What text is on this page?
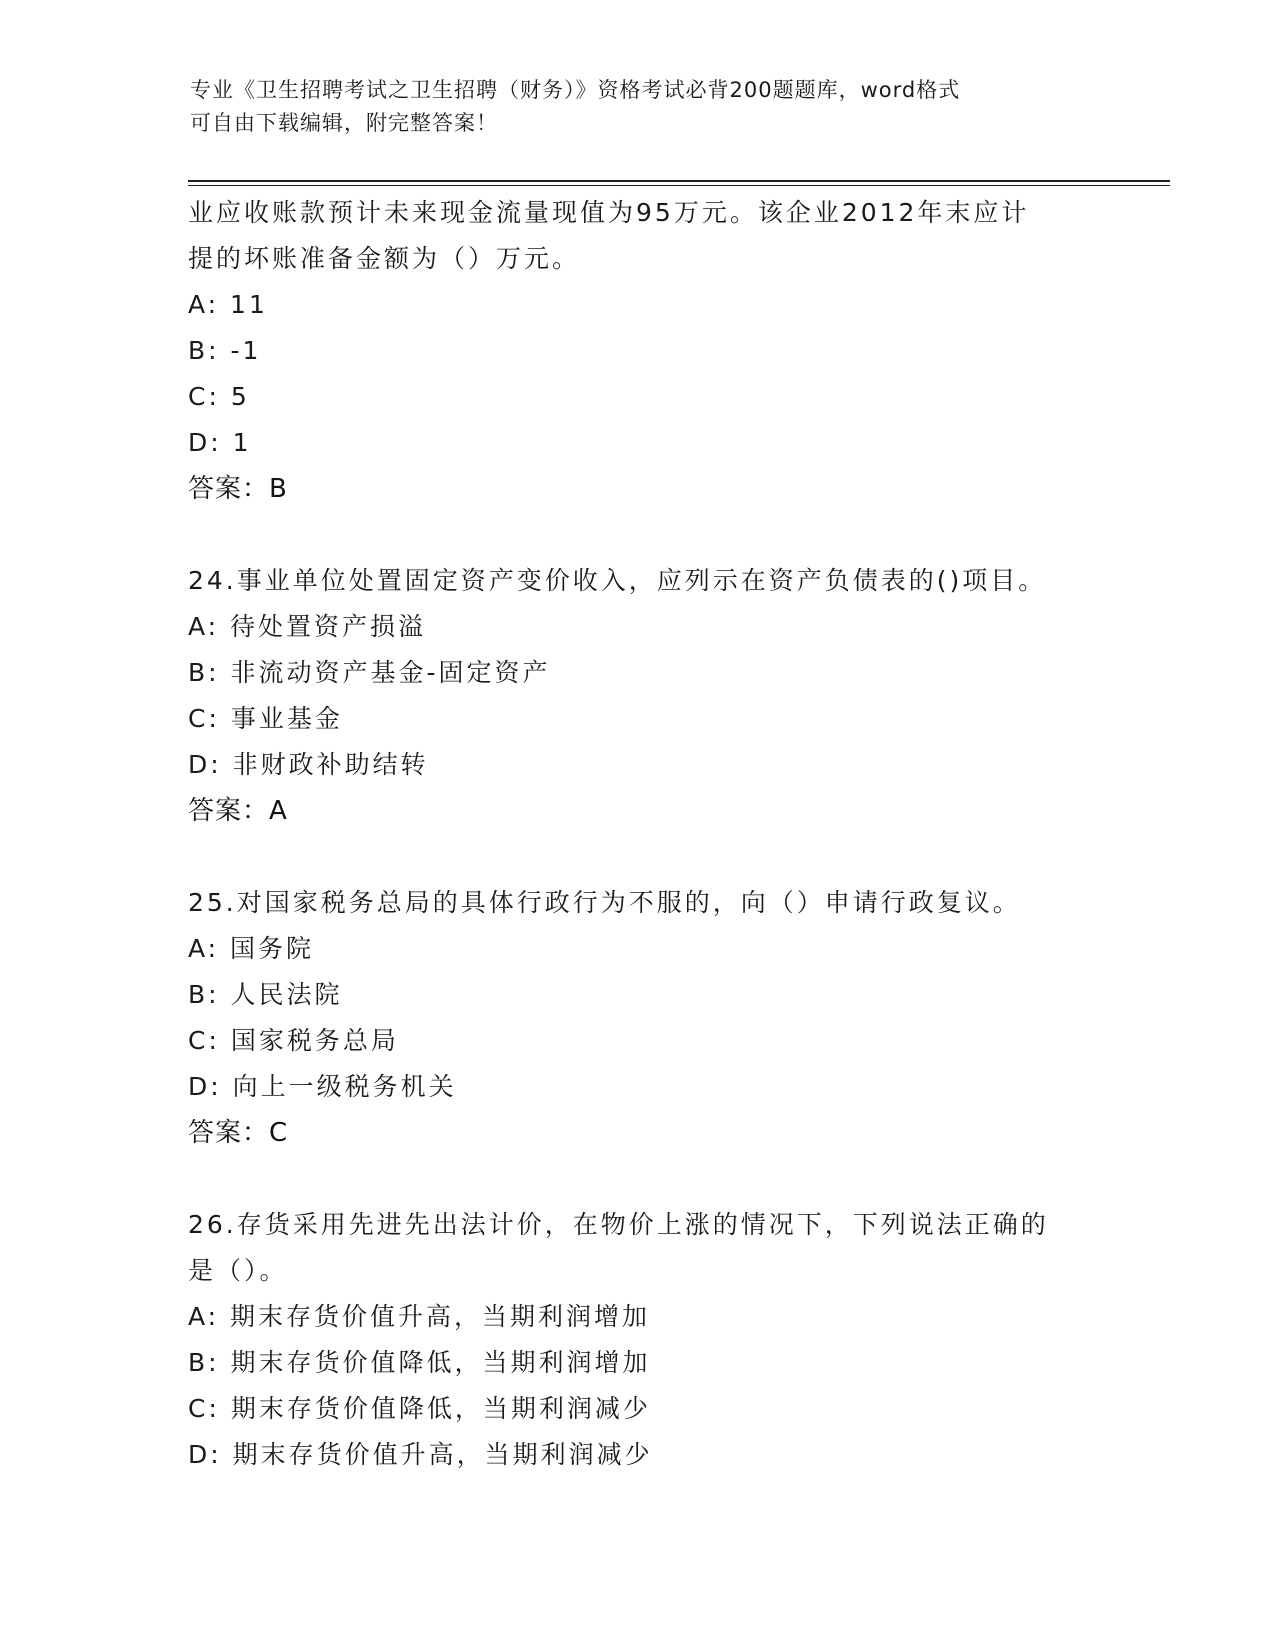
专业《卫生招聘考试之卫生招聘（财务）》资格考试必背200题题库，word格式
可自由下载编辑，附完整答案！
业应收账款预计未来现金流量现值为95万元。该企业2012年末应计
提的坏账准备金额为（）万元。
A: 11
B: -1
C: 5
D: 1
答案：B
24.事业单位处置固定资产变价收入，应列示在资产负债表的()项目。
A: 待处置资产损溢
B: 非流动资产基金-固定资产
C: 事业基金
D: 非财政补助结转
答案：A
25.对国家税务总局的具体行政行为不服的，向（）申请行政复议。
A: 国务院
B: 人民法院
C: 国家税务总局
D: 向上一级税务机关
答案：C
26.存货采用先进先出法计价，在物价上涨的情况下，下列说法正确的
是（）。
A: 期末存货价值升高，当期利润增加
B: 期末存货价值降低，当期利润增加
C: 期末存货价值降低，当期利润减少
D: 期末存货价值升高，当期利润减少
